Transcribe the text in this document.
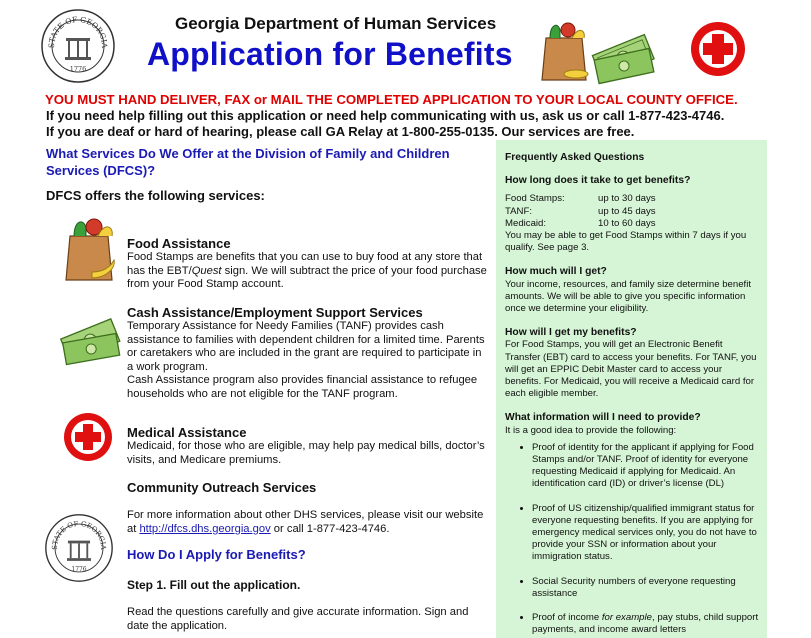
STATE OF GEORGIA
1776
Georgia Department of Human Services
Application for Benefits
YOU MUST HAND DELIVER, FAX or MAIL THE COMPLETED APPLICATION TO YOUR LOCAL COUNTY OFFICE.
If you need help filling out this application or need help communicating with us, ask us or call 1-877-423-4746.
If you are deaf or hard of hearing, please call GA Relay at 1-800-255-0135. Our services are free.
What Services Do We Offer at the Division of Family and Children Services (DFCS)?
DFCS offers the following services:
Food Assistance
Food Stamps are benefits that you can use to buy food at any store that has the EBT/Quest sign. We will subtract the price of your food purchase from your Food Stamp account.
Cash Assistance/Employment Support Services
Temporary Assistance for Needy Families (TANF) provides cash assistance to families with dependent children for a limited time. Parents or caretakers who are included in the grant are required to participate in a work program.
Cash Assistance program also provides financial assistance to refugee households who are not eligible for the TANF program.
Medical Assistance
Medicaid, for those who are eligible, may help pay medical bills, doctor’s visits, and Medicare premiums.
Community Outreach Services
For more information about other DHS services, please visit our website at http://dfcs.dhs.georgia.gov or call 1-877-423-4746.
STATE OF GEORGIA
1776
How Do I Apply for Benefits?
Step 1. Fill out the application.
Read the questions carefully and give accurate information. Sign and date the application.
Frequently Asked Questions
How long does it take to get benefits?
Food Stamps:	up to 30 days
TANF:	up to 45 days
Medicaid:	10 to 60 days

You may be able to get Food Stamps within 7 days if you qualify. See page 3.

How much will I get?

Your income, resources, and family size determine benefit amounts. We will be able to give you specific information once we determine your eligibility.

How will I get my benefits?

For Food Stamps, you will get an Electronic Benefit Transfer (EBT) card to access your benefits. For TANF, you will get an EPPIC Debit Master card to access your benefits. For Medicaid, you will receive a Medicaid card for each eligible member.

What information will I need to provide?

It is a good idea to provide the following:

• Proof of identity for the applicant if applying for Food Stamps and/or TANF. Proof of identity for everyone requesting Medicaid if applying for Medicaid. An identification card (ID) or driver’s license (DL)
• Proof of US citizenship/qualified immigrant status for everyone requesting benefits. If you are applying for emergency medical services only, you do not have to provide your SSN or information about your immigration status.
• Social Security numbers of everyone requesting assistance
• Proof of income for example, pay stubs, child support payments, and income award letters
